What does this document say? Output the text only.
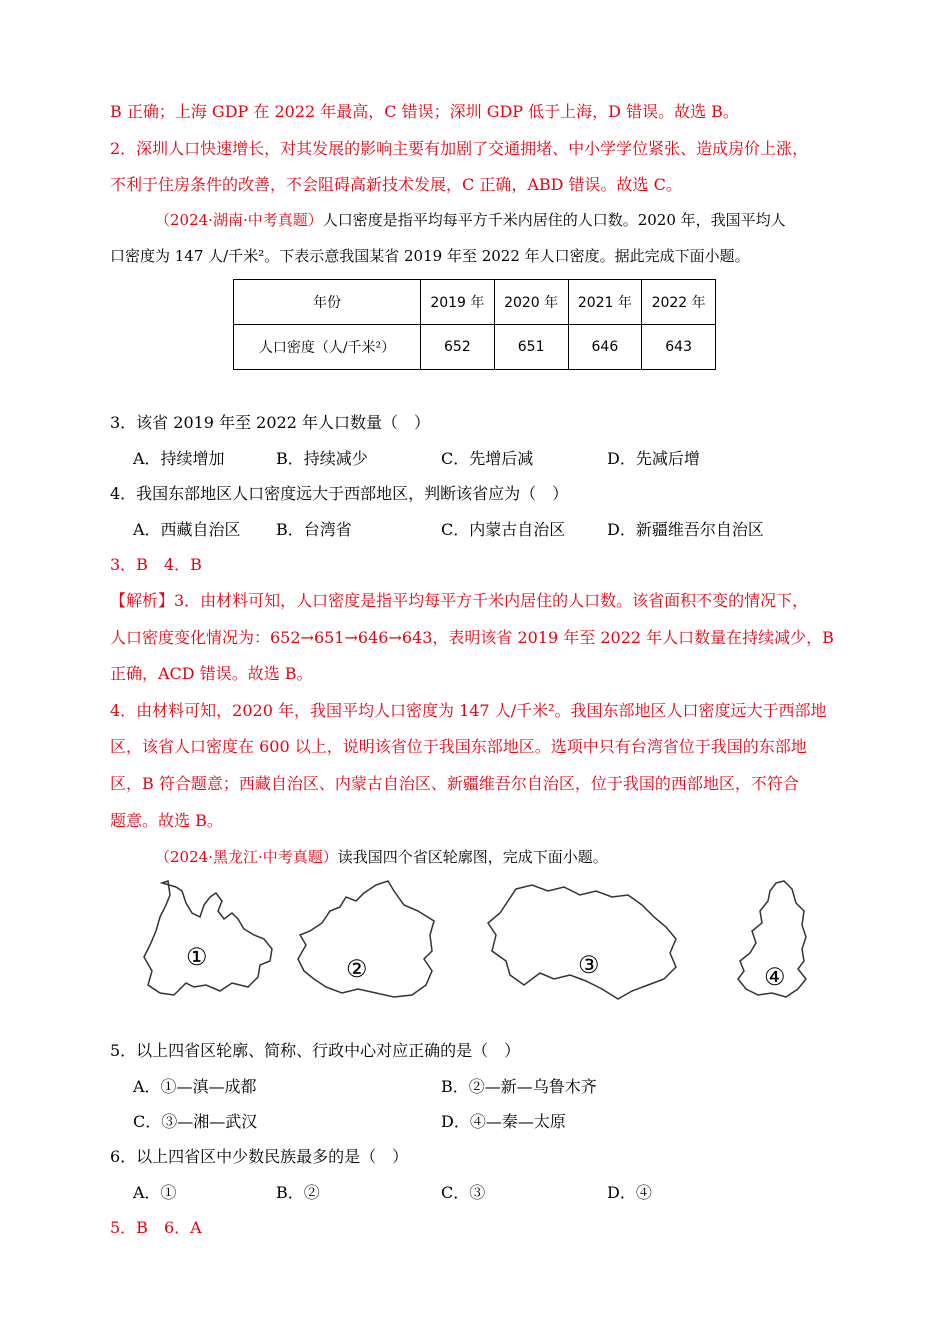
B 正确；上海 GDP 在 2022 年最高，C 错误；深圳 GDP 低于上海，D 错误。故选 B。
2．深圳人口快速增长，对其发展的影响主要有加剧了交通拥堵、中小学学位紧张、造成房价上涨，
不利于住房条件的改善，不会阻碍高新技术发展，C 正确，ABD 错误。故选 C。
（2024·湖南·中考真题）人口密度是指平均每平方千米内居住的人口数。2020 年，我国平均人
口密度为 147 人/千米²。下表示意我国某省 2019 年至 2022 年人口密度。据此完成下面小题。
年份	2019 年	2020 年	2021 年	2022 年
人口密度（人/千米²）	652	651	646	643
3．该省 2019 年至 2022 年人口数量（　）
A．持续增加	B．持续减少	C．先增后减	D．先减后增
4．我国东部地区人口密度远大于西部地区，判断该省应为（　）
A．西藏自治区 B．台湾省	C．内蒙古自治区	D．新疆维吾尔自治区
3．B　4．B
【解析】3．由材料可知，人口密度是指平均每平方千米内居住的人口数。该省面积不变的情况下，
人口密度变化情况为：652→651→646→643，表明该省 2019 年至 2022 年人口数量在持续减少，B
正确，ACD 错误。故选 B。
4．由材料可知，2020 年，我国平均人口密度为 147 人/千米²。我国东部地区人口密度远大于西部地
区，该省人口密度在 600 以上，说明该省位于我国东部地区。选项中只有台湾省位于我国的东部地
区，B 符合题意；西藏自治区、内蒙古自治区、新疆维吾尔自治区，位于我国的西部地区，不符合
题意。故选 B。
（2024·黑龙江·中考真题）读我国四个省区轮廓图，完成下面小题。
①	②	③	④
5．以上四省区轮廓、简称、行政中心对应正确的是（　）
A．①—滇—成都	B．②—新—乌鲁木齐
C．③—湘—武汉	D．④—秦—太原
6．以上四省区中少数民族最多的是（　）
A．①	B．②	C．③	D．④
5．B　6．A
